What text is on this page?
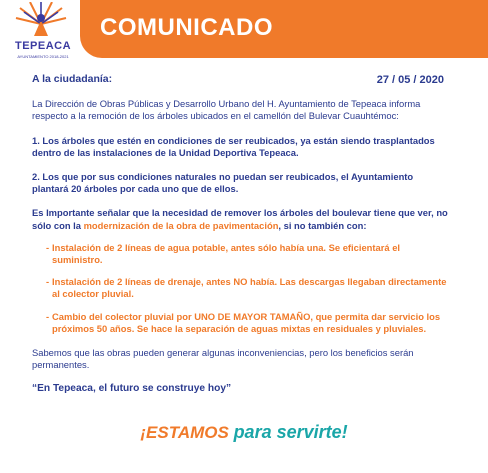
TEPEACA
AYUNTAMIENTO 2018-2021
COMUNICADO
27 / 05 / 2020

A la ciudadanía:

La Dirección de Obras Públicas y Desarrollo Urbano del H. Ayuntamiento de Tepeaca informa respecto a la remoción de los árboles ubicados en el camellón del Bulevar Cuauhtémoc:

1. Los árboles que estén en condiciones de ser reubicados, ya están siendo trasplantados dentro de las instalaciones de la Unidad Deportiva Tepeaca.

2. Los que por sus condiciones naturales no puedan ser reubicados, el Ayuntamiento plantará 20 árboles por cada uno que de ellos.

Es Importante señalar que la necesidad de remover los árboles del boulevar tiene que ver, no sólo con la modernización de la obra de pavimentación, si no también con:

- Instalación de 2 líneas de agua potable, antes sólo había una. Se eficientará el suministro.
- Instalación de 2 líneas de drenaje, antes NO había. Las descargas llegaban directamente al colector pluvial.
- Cambio del colector pluvial por UNO DE MAYOR TAMAÑO, que permita dar servicio los próximos 50 años. Se hace la separación de aguas mixtas en residuales y pluviales.

Sabemos que las obras pueden generar algunas inconveniencias, pero los beneficios serán permanentes.

“En Tepeaca, el futuro se construye hoy”

¡ESTAMOS para servirte!
